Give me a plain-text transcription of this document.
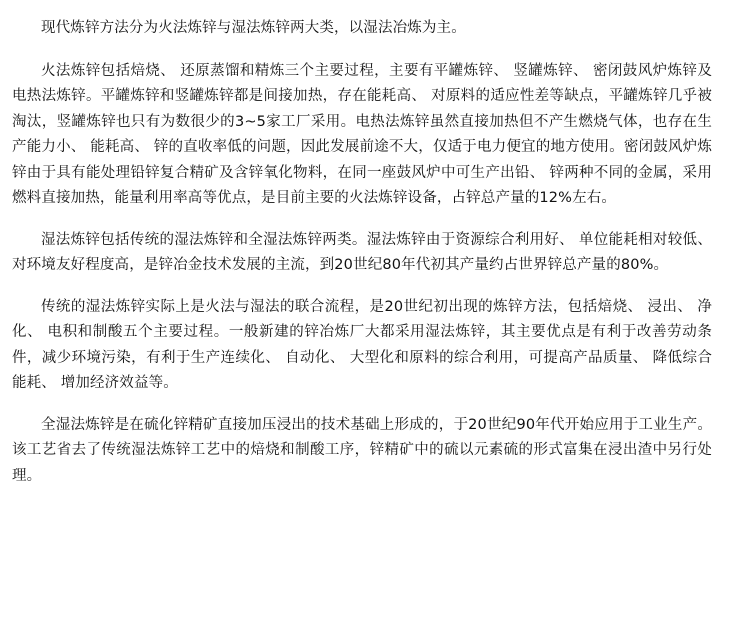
现代炼锌方法分为火法炼锌与湿法炼锌两大类，以湿法冶炼为主。

火法炼锌包括焙烧、 还原蒸馏和精炼三个主要过程，主要有平罐炼锌、 竖罐炼锌、 密闭鼓风炉炼锌及电热法炼锌。平罐炼锌和竖罐炼锌都是间接加热，存在能耗高、 对原料的适应性差等缺点，平罐炼锌几乎被淘汰，竖罐炼锌也只有为数很少的3~5家工厂采用。电热法炼锌虽然直接加热但不产生燃烧气体，也存在生产能力小、 能耗高、 锌的直收率低的问题，因此发展前途不大，仅适于电力便宜的地方使用。密闭鼓风炉炼锌由于具有能处理铅锌复合精矿及含锌氧化物料，在同一座鼓风炉中可生产出铅、 锌两种不同的金属，采用燃料直接加热，能量利用率高等优点，是目前主要的火法炼锌设备，占锌总产量的12%左右。

湿法炼锌包括传统的湿法炼锌和全湿法炼锌两类。湿法炼锌由于资源综合利用好、 单位能耗相对较低、 对环境友好程度高，是锌冶金技术发展的主流，到20世纪80年代初其产量约占世界锌总产量的80%。

传统的湿法炼锌实际上是火法与湿法的联合流程，是20世纪初出现的炼锌方法，包括焙烧、 浸出、 净化、 电积和制酸五个主要过程。一般新建的锌冶炼厂大都采用湿法炼锌，其主要优点是有利于改善劳动条件，减少环境污染，有利于生产连续化、 自动化、 大型化和原料的综合利用，可提高产品质量、 降低综合能耗、 增加经济效益等。

全湿法炼锌是在硫化锌精矿直接加压浸出的技术基础上形成的，于20世纪90年代开始应用于工业生产。该工艺省去了传统湿法炼锌工艺中的焙烧和制酸工序，锌精矿中的硫以元素硫的形式富集在浸出渣中另行处理。
